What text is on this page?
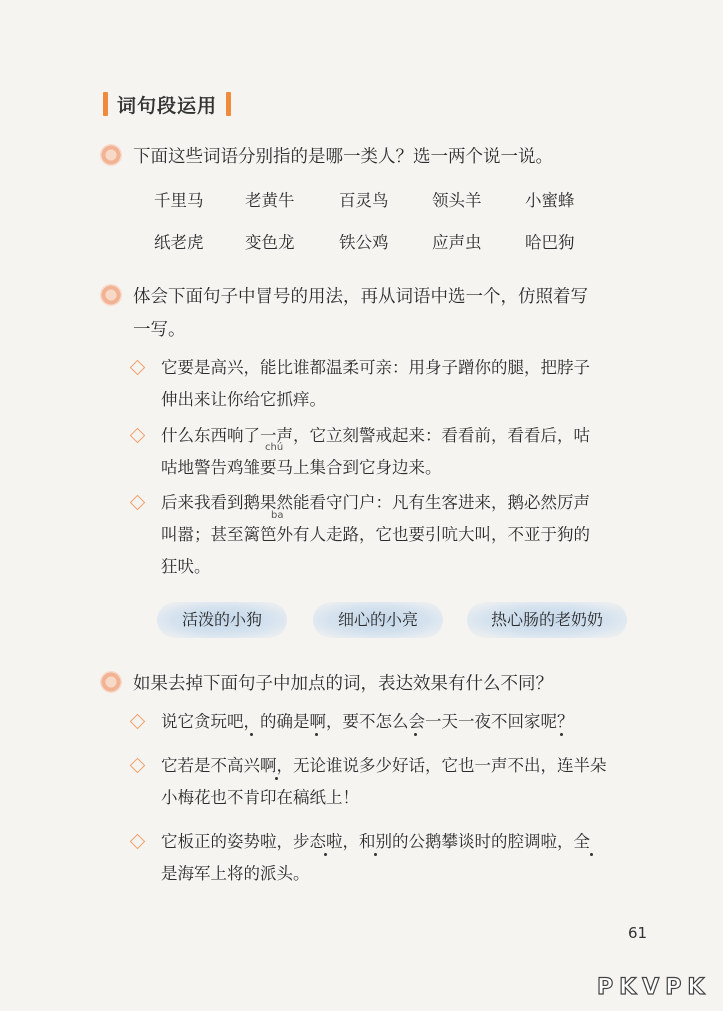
词句段运用
下面这些词语分别指的是哪一类人？选一两个说一说。
千里马	老黄牛	百灵鸟	领头羊	小蜜蜂
纸老虎	变色龙	铁公鸡	应声虫	哈巴狗
体会下面句子中冒号的用法，再从词语中选一个，仿照着写
一写。
它要是高兴，能比谁都温柔可亲：用身子蹭你的腿，把脖子
伸出来让你给它抓痒。
什么东西响了一声，它立刻警戒起来：看看前，看看后，咕
咕地警告鸡雏要马上集合到它身边来。
chú
后来我看到鹅果然能看守门户：凡有生客进来，鹅必然厉声
叫嚣；甚至篱笆外有人走路，它也要引吭大叫，不亚于狗的
狂吠。
ba
活泼的小狗	细心的小亮	热心肠的老奶奶
如果去掉下面句子中加点的词，表达效果有什么不同？
说它贪玩吧，的确是啊，要不怎么会一天一夜不回家呢？
它若是不高兴啊，无论谁说多少好话，它也一声不出，连半朵
小梅花也不肯印在稿纸上！
它板正的姿势啦，步态啦，和别的公鹅攀谈时的腔调啦，全
是海军上将的派头。
61
PKVPK
